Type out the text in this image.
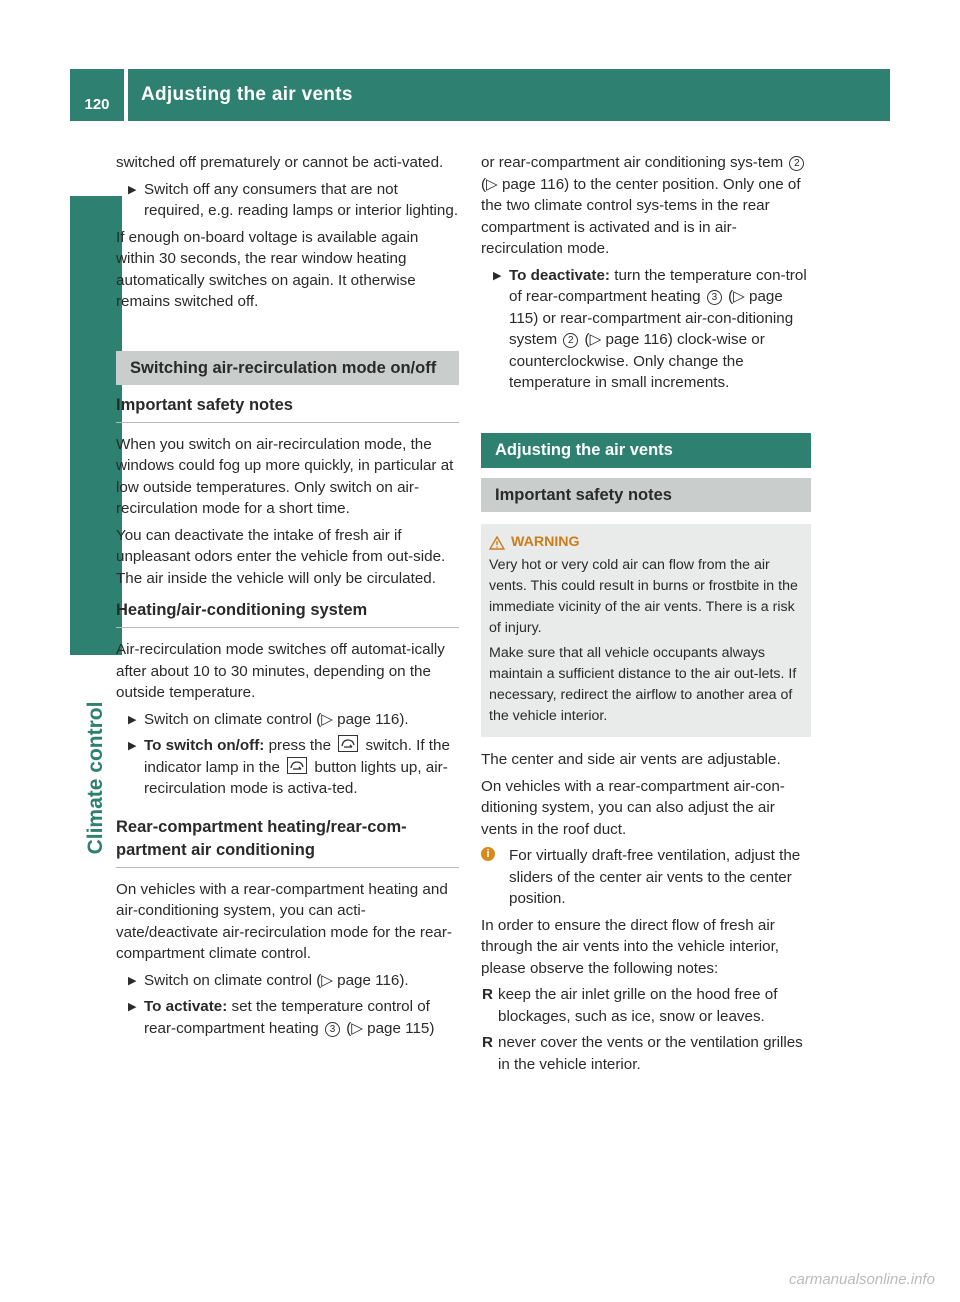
120	Adjusting the air vents
Climate control

switched off prematurely or cannot be acti-vated.

▶ Switch off any consumers that are not required, e.g. reading lamps or interior lighting.

If enough on-board voltage is available again within 30 seconds, the rear window heating automatically switches on again. It otherwise remains switched off.

Switching air-recirculation mode on/off
Important safety notes

When you switch on air-recirculation mode, the windows could fog up more quickly, in particular at low outside temperatures. Only switch on air-recirculation mode for a short time.

You can deactivate the intake of fresh air if unpleasant odors enter the vehicle from out-side. The air inside the vehicle will only be circulated.

Heating/air-conditioning system

Air-recirculation mode switches off automat-ically after about 10 to 30 minutes, depending on the outside temperature.

▶ Switch on climate control (▷ page 116).
▶ To switch on/off: press the
switch. If the indicator lamp in the
button lights up, air-recirculation mode is activa-ted.
Rear-compartment heating/rear-com-partment air conditioning

On vehicles with a rear-compartment heating and air-conditioning system, you can acti-vate/deactivate air-recirculation mode for the rear-compartment climate control.

▶ Switch on climate control (▷ page 116).
▶ To activate: set the temperature control of rear-compartment heating 3 (▷ page 115)

or rear-compartment air conditioning sys-tem 2 (▷ page 116) to the center position. Only one of the two climate control sys-tems in the rear compartment is activated and is in air-recirculation mode.

▶ To deactivate: turn the temperature con-trol of rear-compartment heating 3 (▷ page 115) or rear-compartment air-con-ditioning system 2 (▷ page 116) clock-wise or counterclockwise. Only change the temperature in small increments.
Adjusting the air vents
Important safety notes
WARNING

Very hot or very cold air can flow from the air vents. This could result in burns or frostbite in the immediate vicinity of the air vents. There is a risk of injury.

Make sure that all vehicle occupants always maintain a sufficient distance to the air out-lets. If necessary, redirect the airflow to another area of the vehicle interior.

The center and side air vents are adjustable.

On vehicles with a rear-compartment air-con-ditioning system, you can also adjust the air vents in the roof duct.

i	For virtually draft-free ventilation, adjust the sliders of the center air vents to the center position.

In order to ensure the direct flow of fresh air through the air vents into the vehicle interior, please observe the following notes:

R keep the air inlet grille on the hood free of blockages, such as ice, snow or leaves.
R never cover the vents or the ventilation grilles in the vehicle interior.
carmanualsonline.info
